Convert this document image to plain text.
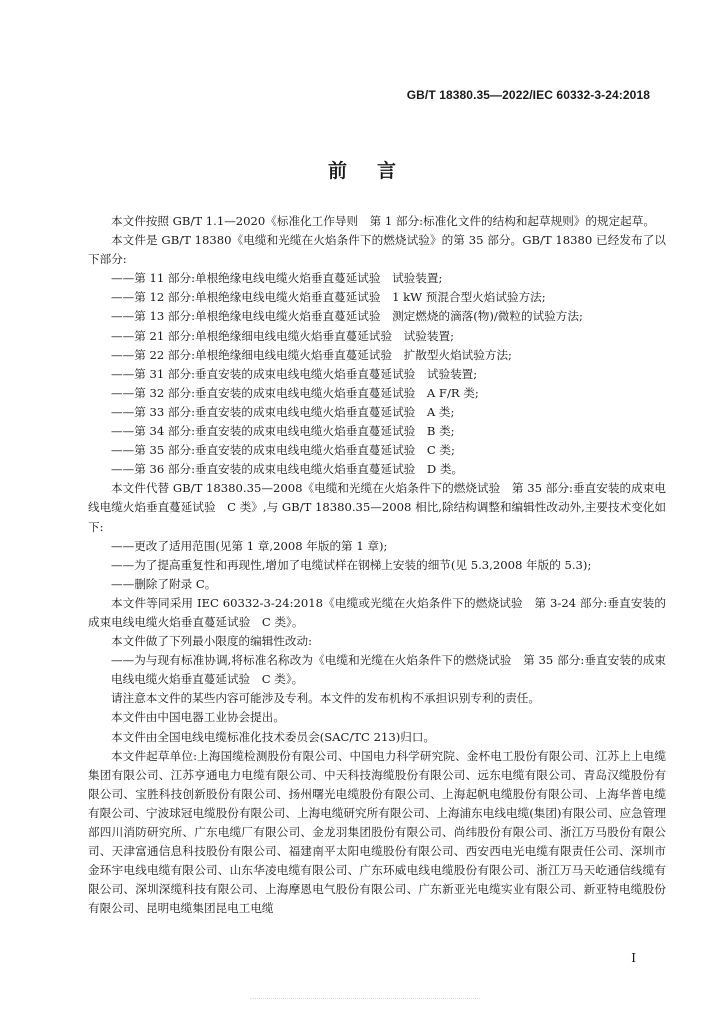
GB/T 18380.35—2022/IEC 60332-3-24:2018
前 言

本文件按照 GB/T 1.1—2020《标准化工作导则　第 1 部分:标准化文件的结构和起草规则》的规定起草。

本文件是 GB/T 18380《电缆和光缆在火焰条件下的燃烧试验》的第 35 部分。GB/T 18380 已经发布了以下部分:

——第 11 部分:单根绝缘电线电缆火焰垂直蔓延试验　试验装置;

——第 12 部分:单根绝缘电线电缆火焰垂直蔓延试验　1 kW 预混合型火焰试验方法;

——第 13 部分:单根绝缘电线电缆火焰垂直蔓延试验　测定燃烧的滴落(物)/微粒的试验方法;

——第 21 部分:单根绝缘细电线电缆火焰垂直蔓延试验　试验装置;

——第 22 部分:单根绝缘细电线电缆火焰垂直蔓延试验　扩散型火焰试验方法;

——第 31 部分:垂直安装的成束电线电缆火焰垂直蔓延试验　试验装置;

——第 32 部分:垂直安装的成束电线电缆火焰垂直蔓延试验　A F/R 类;

——第 33 部分:垂直安装的成束电线电缆火焰垂直蔓延试验　A 类;

——第 34 部分:垂直安装的成束电线电缆火焰垂直蔓延试验　B 类;

——第 35 部分:垂直安装的成束电线电缆火焰垂直蔓延试验　C 类;

——第 36 部分:垂直安装的成束电线电缆火焰垂直蔓延试验　D 类。

本文件代替 GB/T 18380.35—2008《电缆和光缆在火焰条件下的燃烧试验　第 35 部分:垂直安装的成束电线电缆火焰垂直蔓延试验　C 类》,与 GB/T 18380.35—2008 相比,除结构调整和编辑性改动外,主要技术变化如下:

——更改了适用范围(见第 1 章,2008 年版的第 1 章);

——为了提高重复性和再现性,增加了电缆试样在钢梯上安装的细节(见 5.3,2008 年版的 5.3);

——删除了附录 C。

本文件等同采用 IEC 60332-3-24:2018《电缆或光缆在火焰条件下的燃烧试验　第 3-24 部分:垂直安装的成束电线电缆火焰垂直蔓延试验　C 类》。

本文件做了下列最小限度的编辑性改动:

——为与现有标准协调,将标准名称改为《电缆和光缆在火焰条件下的燃烧试验　第 35 部分:垂直安装的成束电线电缆火焰垂直蔓延试验　C 类》。

请注意本文件的某些内容可能涉及专利。本文件的发布机构不承担识别专利的责任。

本文件由中国电器工业协会提出。

本文件由全国电线电缆标准化技术委员会(SAC/TC 213)归口。

本文件起草单位:上海国缆检测股份有限公司、中国电力科学研究院、金杯电工股份有限公司、江苏上上电缆集团有限公司、江苏亨通电力电缆有限公司、中天科技海缆股份有限公司、远东电缆有限公司、青岛汉缆股份有限公司、宝胜科技创新股份有限公司、扬州曙光电缆股份有限公司、上海起帆电缆股份有限公司、上海华普电缆有限公司、宁波球冠电缆股份有限公司、上海电缆研究所有限公司、上海浦东电线电缆(集团)有限公司、应急管理部四川消防研究所、广东电缆厂有限公司、金龙羽集团股份有限公司、尚纬股份有限公司、浙江万马股份有限公司、天津富通信息科技股份有限公司、福建南平太阳电缆股份有限公司、西安西电光电缆有限责任公司、深圳市金环宇电线电缆有限公司、山东华凌电缆有限公司、广东环威电线电缆股份有限公司、浙江万马天屹通信线缆有限公司、深圳深缆科技有限公司、上海摩恩电气股份有限公司、广东新亚光电缆实业有限公司、新亚特电缆股份有限公司、昆明电缆集团昆电工电缆

Ⅰ
